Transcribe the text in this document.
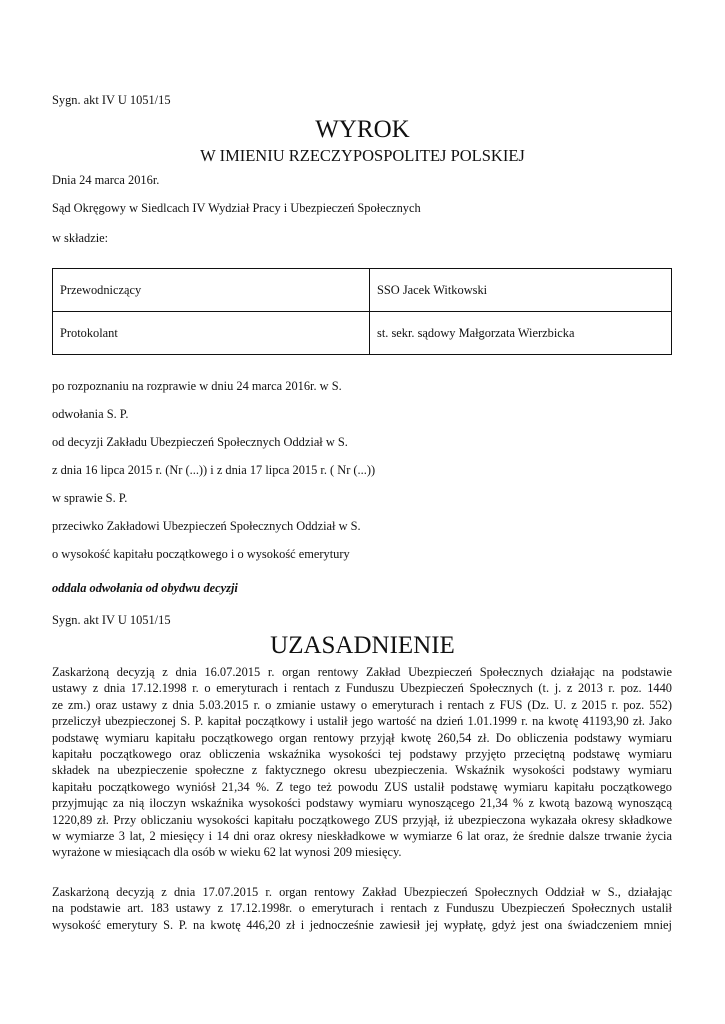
Sygn. akt IV U 1051/15
WYROK
W IMIENIU RZECZYPOSPOLITEJ POLSKIEJ
Dnia 24 marca 2016r.
Sąd Okręgowy w Siedlcach IV Wydział Pracy i Ubezpieczeń Społecznych
w składzie:
Przewodniczący	SSO Jacek Witkowski
Protokolant	st. sekr. sądowy Małgorzata Wierzbicka
po rozpoznaniu na rozprawie w dniu 24 marca 2016r. w S.
odwołania S. P.
od decyzji Zakładu Ubezpieczeń Społecznych Oddział w S.
z dnia 16 lipca 2015 r. (Nr (...)) i z dnia 17 lipca 2015 r. ( Nr (...))
w sprawie S. P.
przeciwko Zakładowi Ubezpieczeń Społecznych Oddział w S.
o wysokość kapitału początkowego i o wysokość emerytury
oddala odwołania od obydwu decyzji
Sygn. akt IV U 1051/15
UZASADNIENIE
Zaskarżoną decyzją z dnia 16.07.2015 r. organ rentowy Zakład Ubezpieczeń Społecznych działając na podstawie
ustawy z dnia 17.12.1998 r. o emeryturach i rentach z Funduszu Ubezpieczeń Społecznych (t. j. z 2013 r. poz. 1440
ze zm.) oraz ustawy z dnia 5.03.2015 r. o zmianie ustawy o emeryturach i rentach z FUS (Dz. U. z 2015 r. poz. 552)
przeliczył ubezpieczonej S. P. kapitał początkowy i ustalił jego wartość na dzień 1.01.1999 r. na kwotę 41193,90 zł. Jako
podstawę wymiaru kapitału początkowego organ rentowy przyjął kwotę 260,54 zł. Do obliczenia podstawy wymiaru
kapitału początkowego oraz obliczenia wskaźnika wysokości tej podstawy przyjęto przeciętną podstawę wymiaru
składek na ubezpieczenie społeczne z faktycznego okresu ubezpieczenia. Wskaźnik wysokości podstawy wymiaru
kapitału początkowego wyniósł 21,34 %. Z tego też powodu ZUS ustalił podstawę wymiaru kapitału początkowego
przyjmując za nią iloczyn wskaźnika wysokości podstawy wymiaru wynoszącego 21,34 % z kwotą bazową wynoszącą
1220,89 zł. Przy obliczaniu wysokości kapitału początkowego ZUS przyjął, iż ubezpieczona wykazała okresy składkowe
w wymiarze 3 lat, 2 miesięcy i 14 dni oraz okresy nieskładkowe w wymiarze 6 lat oraz, że średnie dalsze trwanie życia
wyrażone w miesiącach dla osób w wieku 62 lat wynosi 209 miesięcy.
Zaskarżoną decyzją z dnia 17.07.2015 r. organ rentowy Zakład Ubezpieczeń Społecznych Oddział w S., działając
na podstawie art. 183 ustawy z 17.12.1998r. o emeryturach i rentach z Funduszu Ubezpieczeń Społecznych ustalił
wysokość emerytury S. P. na kwotę 446,20 zł i jednocześnie zawiesił jej wypłatę, gdyż jest ona świadczeniem mniej
